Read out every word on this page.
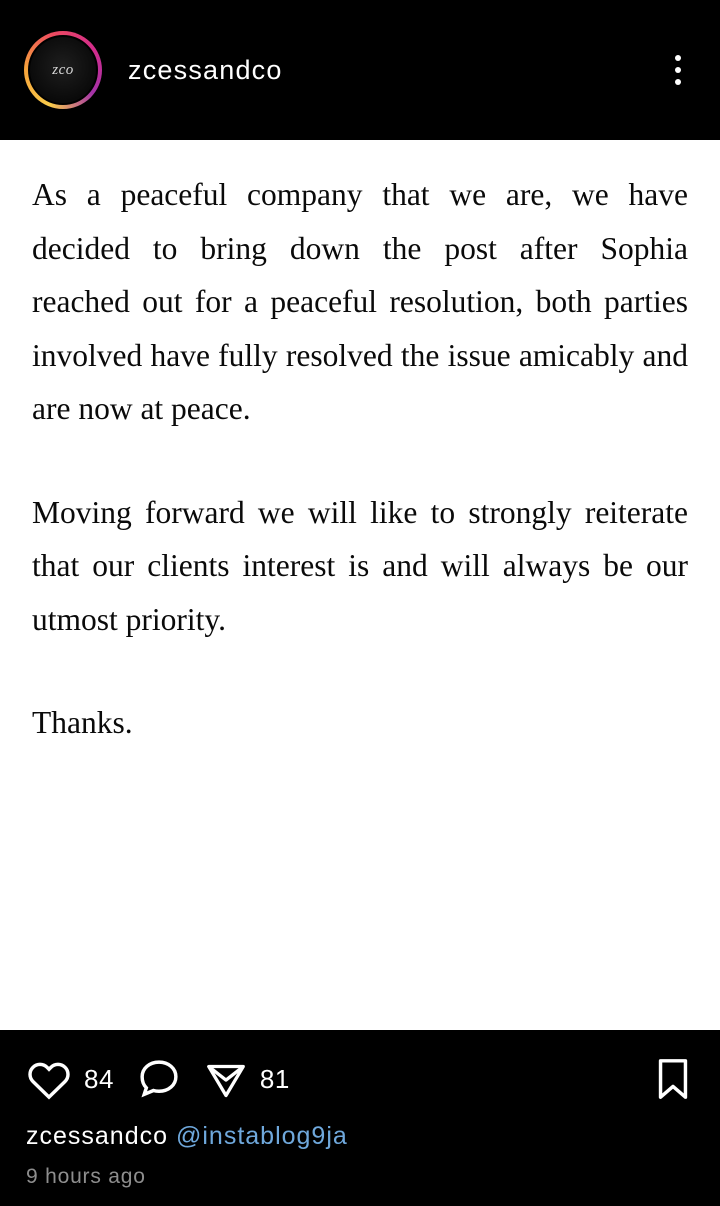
zco	zcessandco

As a peaceful company that we are, we have decided to bring down the post after Sophia reached out for a peaceful resolution, both parties involved have fully resolved the issue amicably and are now at peace.

Moving forward we will like to strongly reiterate that our clients interest is and will always be our utmost priority.

Thanks.

84	81
zcessandco @instablog9ja
9 hours ago
